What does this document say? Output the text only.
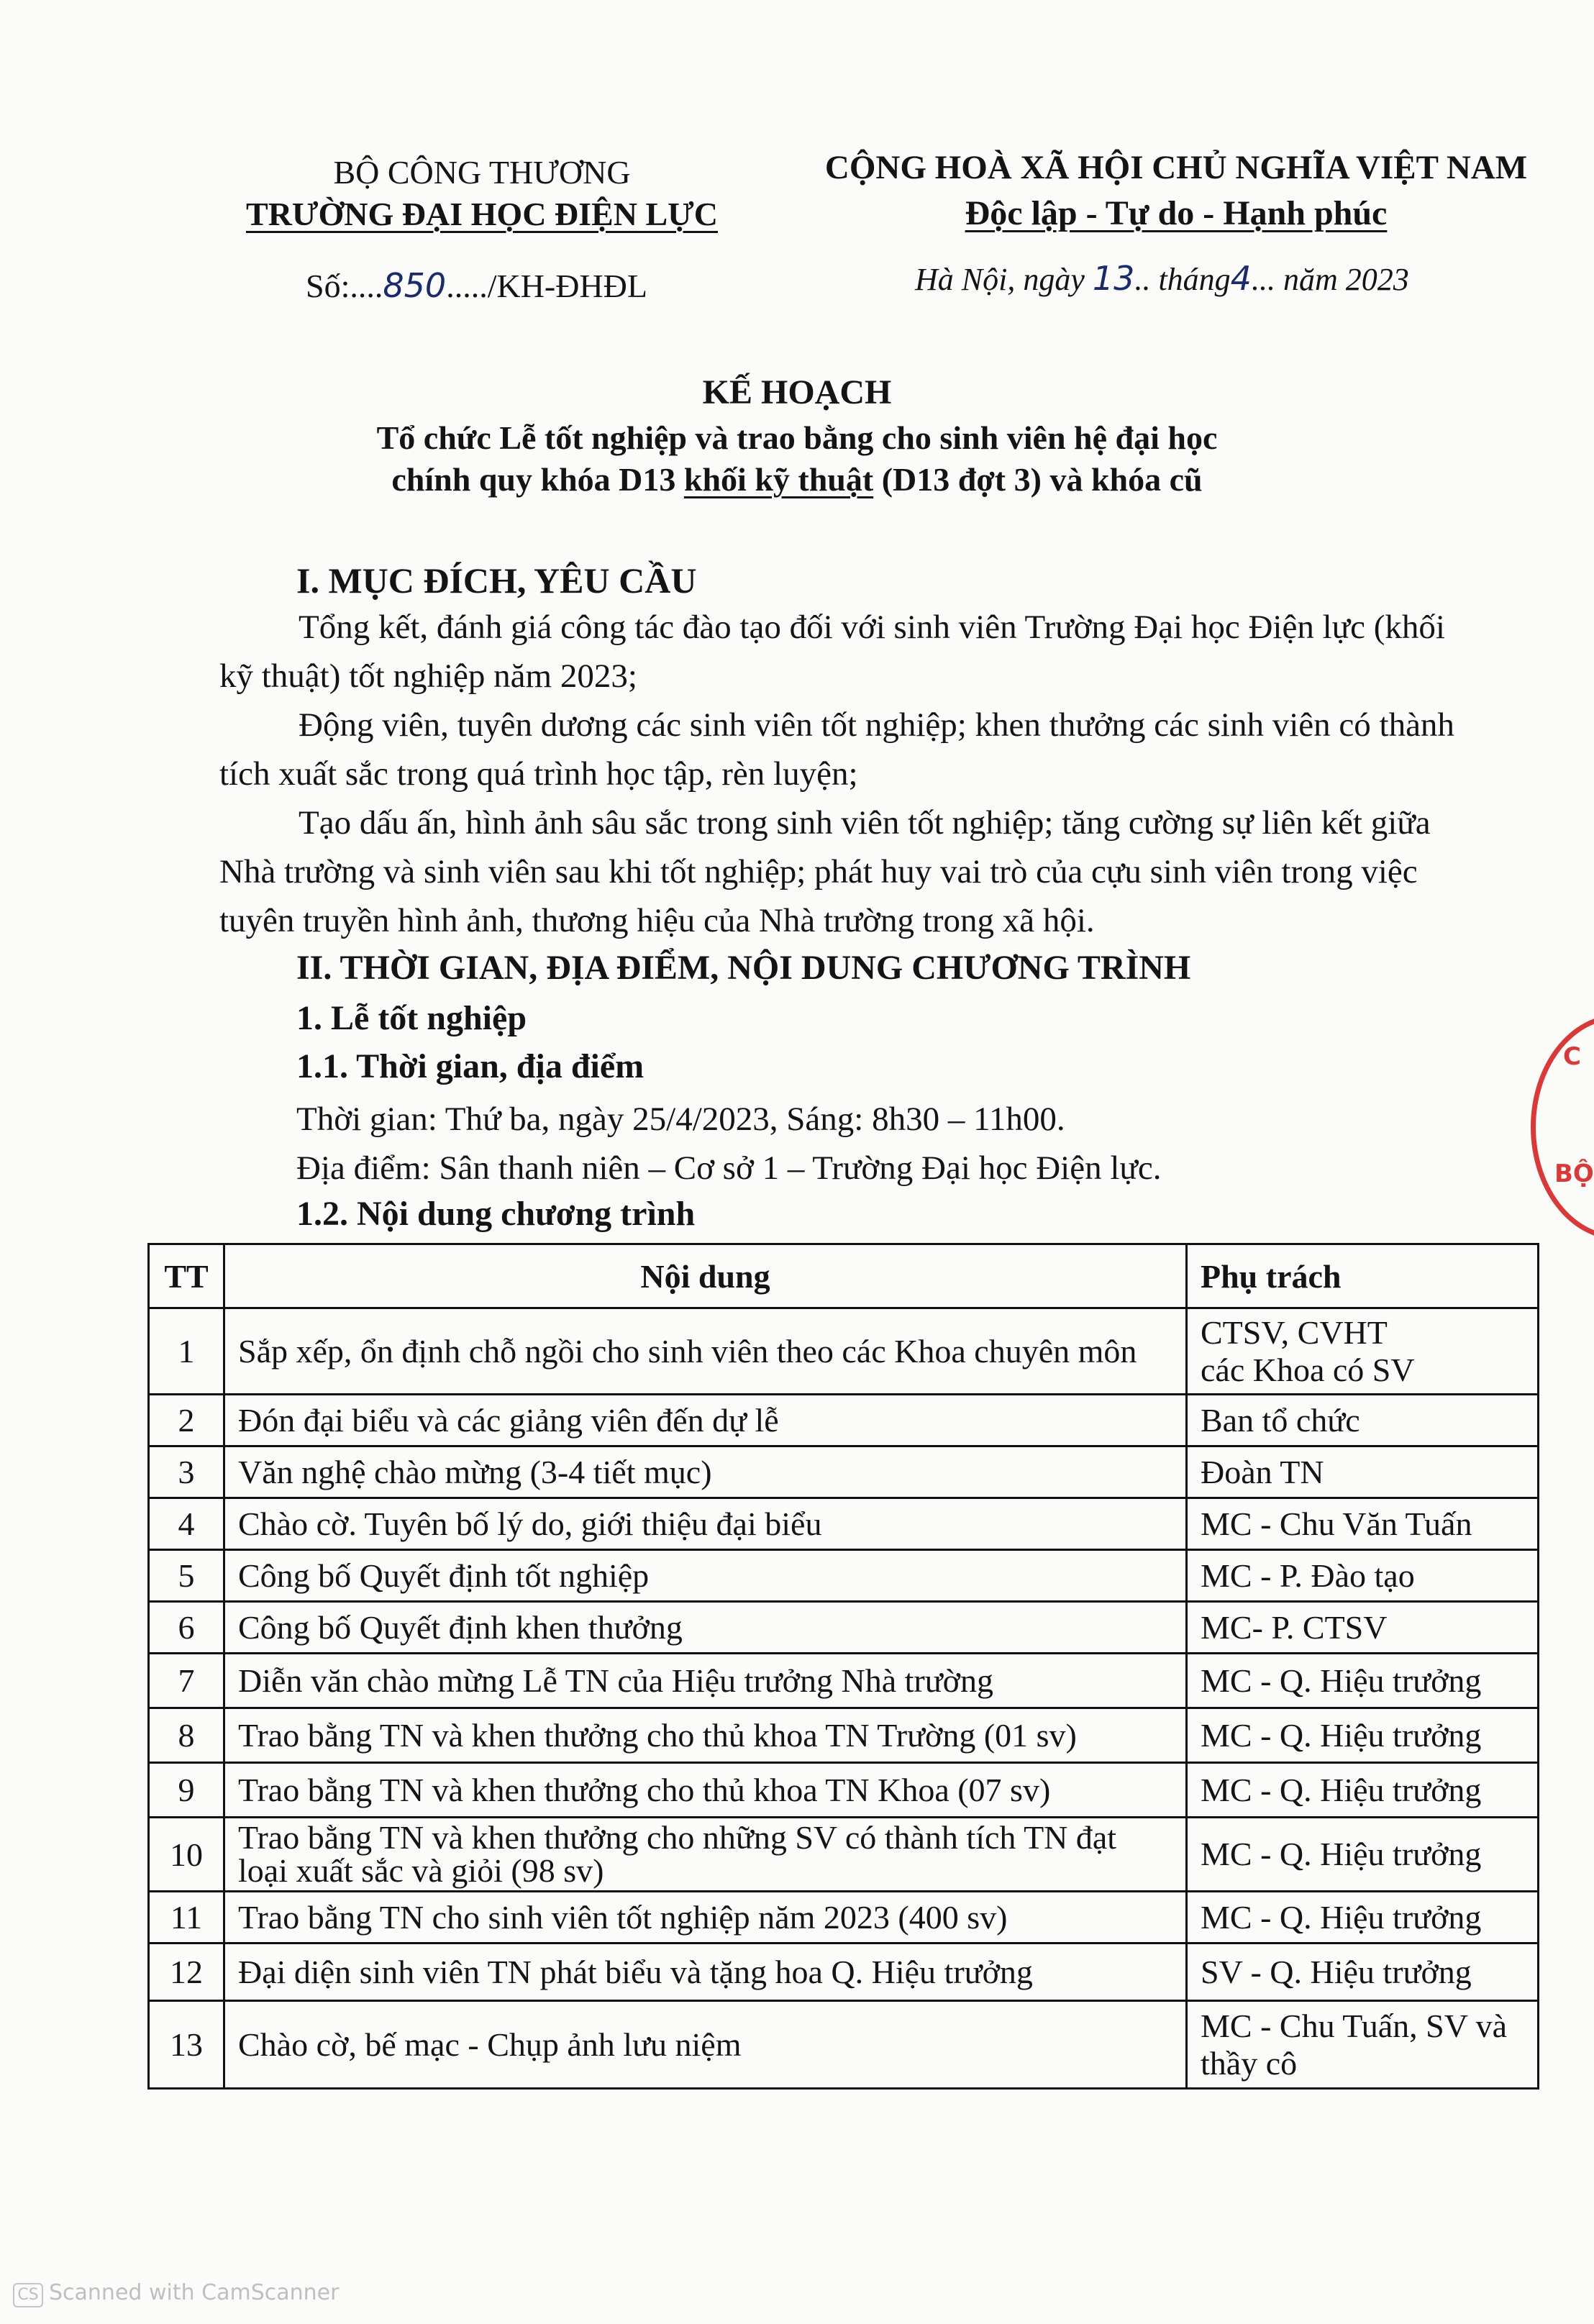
BỘ CÔNG THƯƠNG
TRƯỜNG ĐẠI HỌC ĐIỆN LỰC
Số:....850...../KH-ĐHĐL
CỘNG HOÀ XÃ HỘI CHỦ NGHĨA VIỆT NAM
Độc lập - Tự do - Hạnh phúc
Hà Nội, ngày 13.. tháng4... năm 2023
KẾ HOẠCH
Tổ chức Lễ tốt nghiệp và trao bằng cho sinh viên hệ đại học
chính quy khóa D13 khối kỹ thuật (D13 đợt 3) và khóa cũ
I. MỤC ĐÍCH, YÊU CẦU
Tổng kết, đánh giá công tác đào tạo đối với sinh viên Trường Đại học Điện lực (khối
kỹ thuật) tốt nghiệp năm 2023;
Động viên, tuyên dương các sinh viên tốt nghiệp; khen thưởng các sinh viên có thành
tích xuất sắc trong quá trình học tập, rèn luyện;
Tạo dấu ấn, hình ảnh sâu sắc trong sinh viên tốt nghiệp; tăng cường sự liên kết giữa
Nhà trường và sinh viên sau khi tốt nghiệp; phát huy vai trò của cựu sinh viên trong việc
tuyên truyền hình ảnh, thương hiệu của Nhà trường trong xã hội.
II. THỜI GIAN, ĐỊA ĐIỂM, NỘI DUNG CHƯƠNG TRÌNH
1. Lễ tốt nghiệp
1.1. Thời gian, địa điểm
Thời gian: Thứ ba, ngày 25/4/2023, Sáng: 8h30 – 11h00.
Địa điểm: Sân thanh niên – Cơ sở 1 – Trường Đại học Điện lực.
1.2. Nội dung chương trình
TT	Nội dung	Phụ trách
1	Sắp xếp, ổn định chỗ ngồi cho sinh viên theo các Khoa chuyên môn	CTSV, CVHT
các Khoa có SV

2	Đón đại biểu và các giảng viên đến dự lễ	Ban tổ chức

3	Văn nghệ chào mừng (3-4 tiết mục)	Đoàn TN

4	Chào cờ. Tuyên bố lý do, giới thiệu đại biểu	MC - Chu Văn Tuấn

5	Công bố Quyết định tốt nghiệp	MC - P. Đào tạo

6	Công bố Quyết định khen thưởng	MC- P. CTSV

7	Diễn văn chào mừng Lễ TN của Hiệu trưởng Nhà trường	MC - Q. Hiệu trưởng

8	Trao bằng TN và khen thưởng cho thủ khoa TN Trường (01 sv)	MC - Q. Hiệu trưởng

9	Trao bằng TN và khen thưởng cho thủ khoa TN Khoa (07 sv)	MC - Q. Hiệu trưởng

10	Trao bằng TN và khen thưởng cho những SV có thành tích TN đạt loại xuất sắc và giỏi (98 sv)	MC - Q. Hiệu trưởng

11	Trao bằng TN cho sinh viên tốt nghiệp năm 2023 (400 sv)	MC - Q. Hiệu trưởng

12	Đại diện sinh viên TN phát biểu và tặng hoa Q. Hiệu trưởng	SV - Q. Hiệu trưởng

13	Chào cờ, bế mạc - Chụp ảnh lưu niệm	MC - Chu Tuấn, SV và
thầy cô
C
BỘ
CS Scanned with CamScanner
